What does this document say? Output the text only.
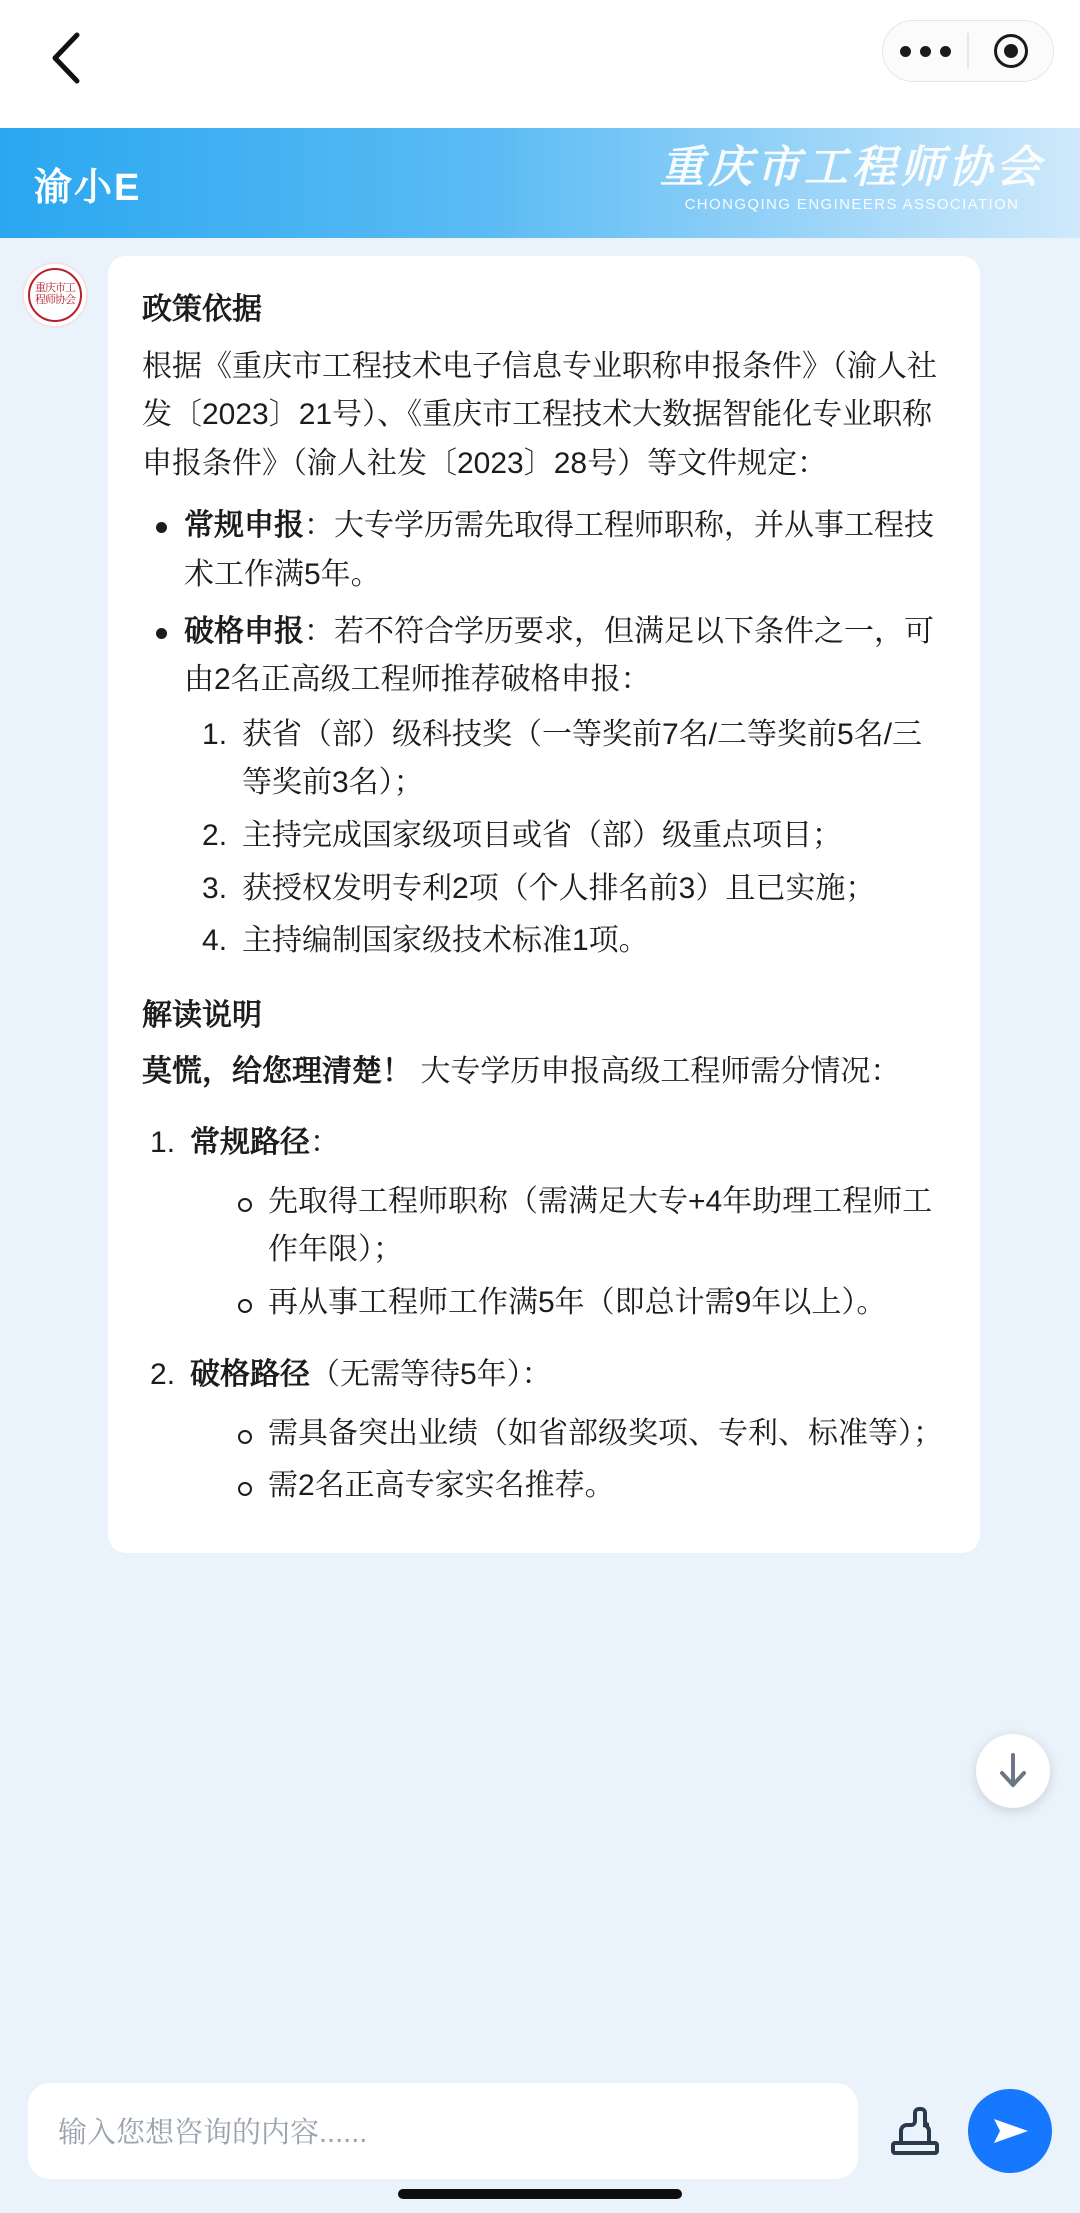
渝小E	重庆市工程师协会
CHONGQING ENGINEERS ASSOCIATION
重庆市工程师协会 政策依据

根据《重庆市工程技术电子信息专业职称申报条件》（渝人社发〔2023〕21号）、《重庆市工程技术大数据智能化专业职称申报条件》（渝人社发〔2023〕28号）等文件规定：

常规申报：大专学历需先取得工程师职称，并从事工程技术工作满5年。
破格申报：若不符合学历要求，但满足以下条件之一，可由2名正高级工程师推荐破格申报：
获省（部）级科技奖（一等奖前7名/二等奖前5名/三等奖前3名）；
主持完成国家级项目或省（部）级重点项目；
获授权发明专利2项（个人排名前3）且已实施；
主持编制国家级技术标准1项。
解读说明

莫慌，给您理清楚！ 大专学历申报高级工程师需分情况：

常规路径：
先取得工程师职称（需满足大专+4年助理工程师工作年限）；
再从事工程师工作满5年（即总计需9年以上）。
破格路径（无需等待5年）：
需具备突出业绩（如省部级奖项、专利、标准等）；
需2名正高专家实名推荐。
输入您想咨询的内容......
